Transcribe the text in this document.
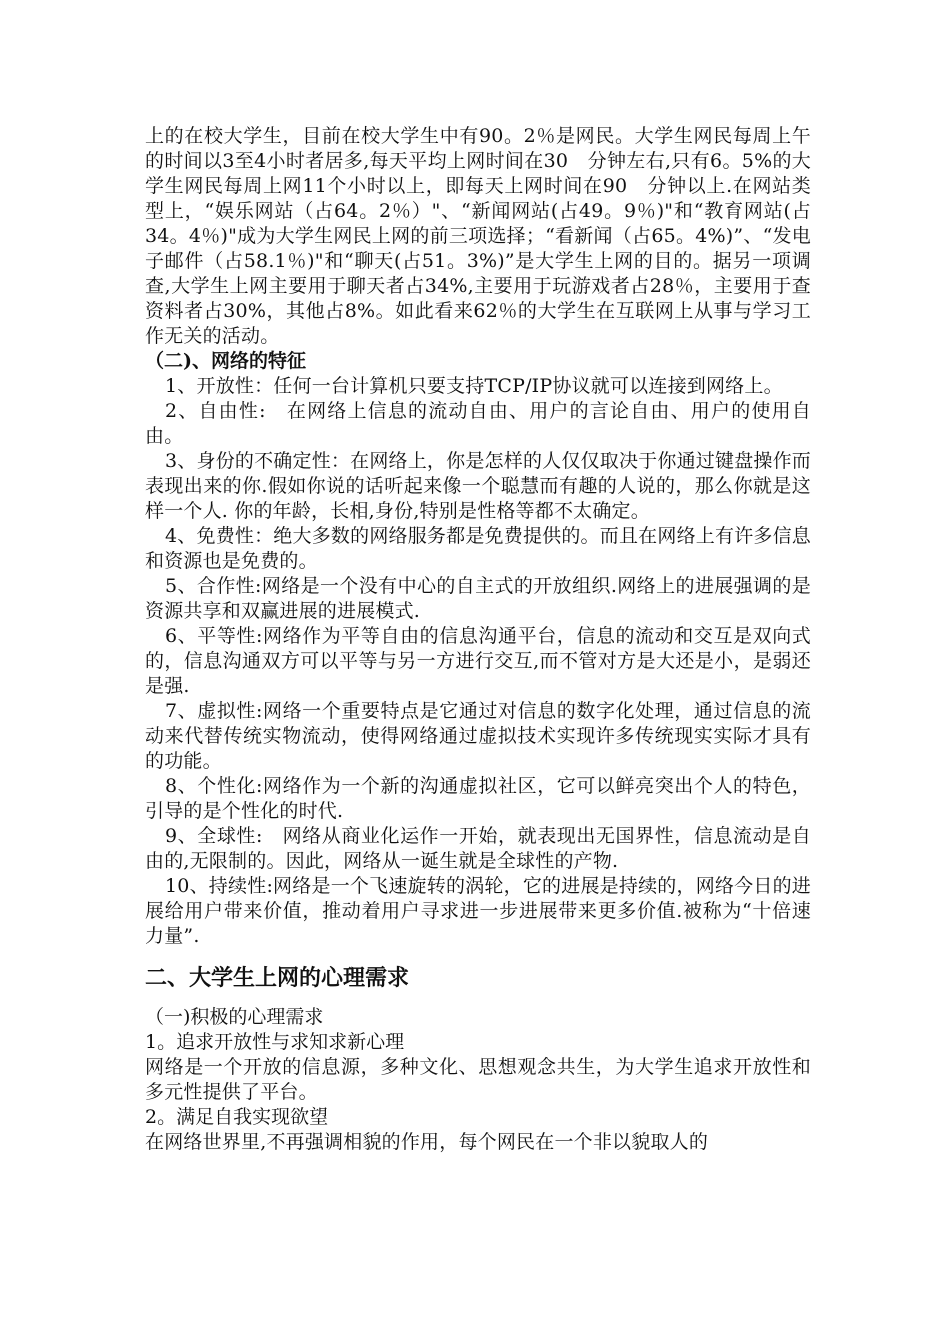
上的在校大学生，目前在校大学生中有90。2％是网民。大学生网民每周上午的时间以3至4小时者居多,每天平均上网时间在30　分钟左右,只有6。5%的大学生网民每周上网11个小时以上，即每天上网时间在90　分钟以上.在网站类型上，“娱乐网站（占64。2％）"、“新闻网站(占49。9％)"和“教育网站(占34。4％)"成为大学生网民上网的前三项选择；“看新闻（占65。4%)”、“发电子邮件（占58.1％)"和“聊天(占51。3%)”是大学生上网的目的。据另一项调查,大学生上网主要用于聊天者占34%,主要用于玩游戏者占28％，主要用于查资料者占30%，其他占8%。如此看来62％的大学生在互联网上从事与学习工作无关的活动。

（二)、网络的特征

1、开放性：任何一台计算机只要支持TCP/IP协议就可以连接到网络上。

2、自由性:　在网络上信息的流动自由、用户的言论自由、用户的使用自由。

3、身份的不确定性：在网络上，你是怎样的人仅仅取决于你通过键盘操作而表现出来的你.假如你说的话听起来像一个聪慧而有趣的人说的，那么你就是这样一个人. 你的年龄，长相,身份,特别是性格等都不太确定。

4、免费性：绝大多数的网络服务都是免费提供的。而且在网络上有许多信息和资源也是免费的。

5、合作性:网络是一个没有中心的自主式的开放组织.网络上的进展强调的是资源共享和双赢进展的进展模式.

6、平等性:网络作为平等自由的信息沟通平台，信息的流动和交互是双向式的，信息沟通双方可以平等与另一方进行交互,而不管对方是大还是小，是弱还是强.

7、虚拟性:网络一个重要特点是它通过对信息的数字化处理，通过信息的流动来代替传统实物流动，使得网络通过虚拟技术实现许多传统现实实际才具有的功能。

8、个性化:网络作为一个新的沟通虚拟社区，它可以鲜亮突出个人的特色，引导的是个性化的时代.

9、全球性:　网络从商业化运作一开始，就表现出无国界性，信息流动是自由的,无限制的。因此，网络从一诞生就是全球性的产物.

10、持续性:网络是一个飞速旋转的涡轮，它的进展是持续的，网络今日的进展给用户带来价值，推动着用户寻求进一步进展带来更多价值.被称为“十倍速力量”.

二、大学生上网的心理需求

（一)积极的心理需求

1。追求开放性与求知求新心理

网络是一个开放的信息源，多种文化、思想观念共生，为大学生追求开放性和多元性提供了平台。

2。满足自我实现欲望

在网络世界里,不再强调相貌的作用，每个网民在一个非以貌取人的
